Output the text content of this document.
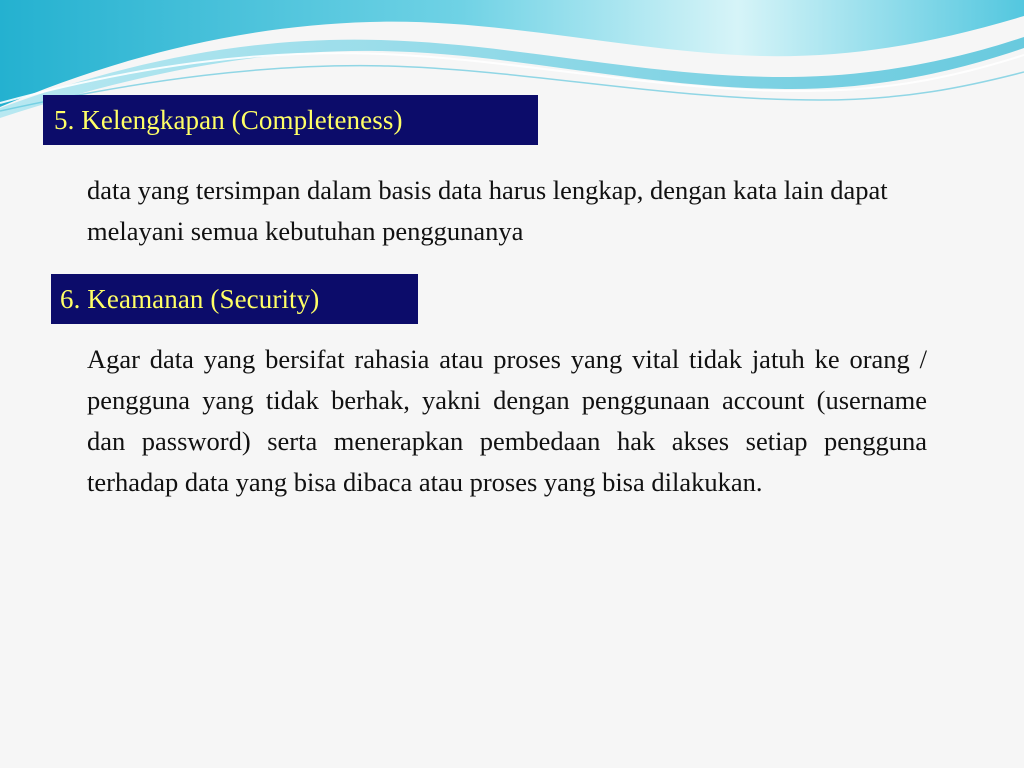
5. Kelengkapan (Completeness)

data yang tersimpan dalam basis data harus lengkap, dengan kata lain dapat melayani semua kebutuhan penggunanya

6. Keamanan (Security)

Agar data yang bersifat rahasia atau proses yang vital tidak jatuh ke orang / pengguna yang tidak berhak, yakni dengan penggunaan account (username dan password) serta menerapkan pembedaan hak akses setiap pengguna terhadap data yang bisa dibaca atau proses yang bisa dilakukan.
